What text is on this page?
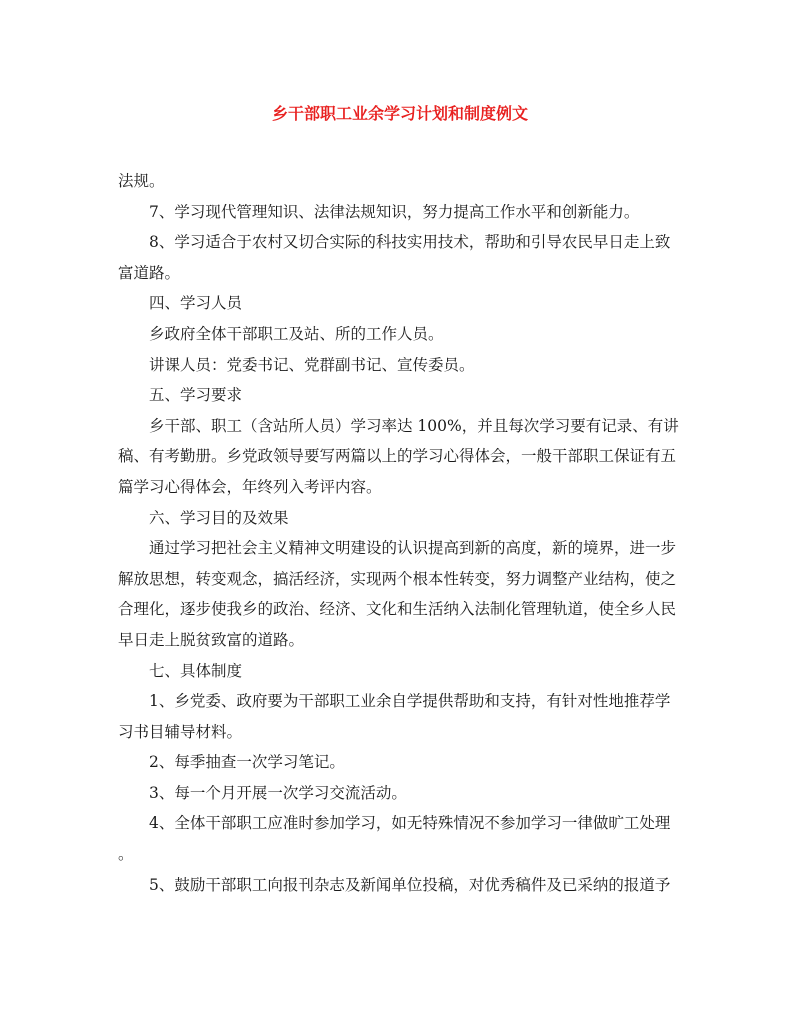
乡干部职工业余学习计划和制度例文
法规。
7、学习现代管理知识、法律法规知识，努力提高工作水平和创新能力。
8、学习适合于农村又切合实际的科技实用技术，帮助和引导农民早日走上致
富道路。
四、学习人员
乡政府全体干部职工及站、所的工作人员。
讲课人员：党委书记、党群副书记、宣传委员。
五、学习要求
乡干部、职工（含站所人员）学习率达 100%，并且每次学习要有记录、有讲
稿、有考勤册。乡党政领导要写两篇以上的学习心得体会，一般干部职工保证有五
篇学习心得体会，年终列入考评内容。
六、学习目的及效果
通过学习把社会主义精神文明建设的认识提高到新的高度，新的境界，进一步
解放思想，转变观念，搞活经济，实现两个根本性转变，努力调整产业结构，使之
合理化，逐步使我乡的政治、经济、文化和生活纳入法制化管理轨道，使全乡人民
早日走上脱贫致富的道路。
七、具体制度
1、乡党委、政府要为干部职工业余自学提供帮助和支持，有针对性地推荐学
习书目辅导材料。
2、每季抽查一次学习笔记。
3、每一个月开展一次学习交流活动。
4、全体干部职工应准时参加学习，如无特殊情况不参加学习一律做旷工处理
。
5、鼓励干部职工向报刊杂志及新闻单位投稿，对优秀稿件及已采纳的报道予
